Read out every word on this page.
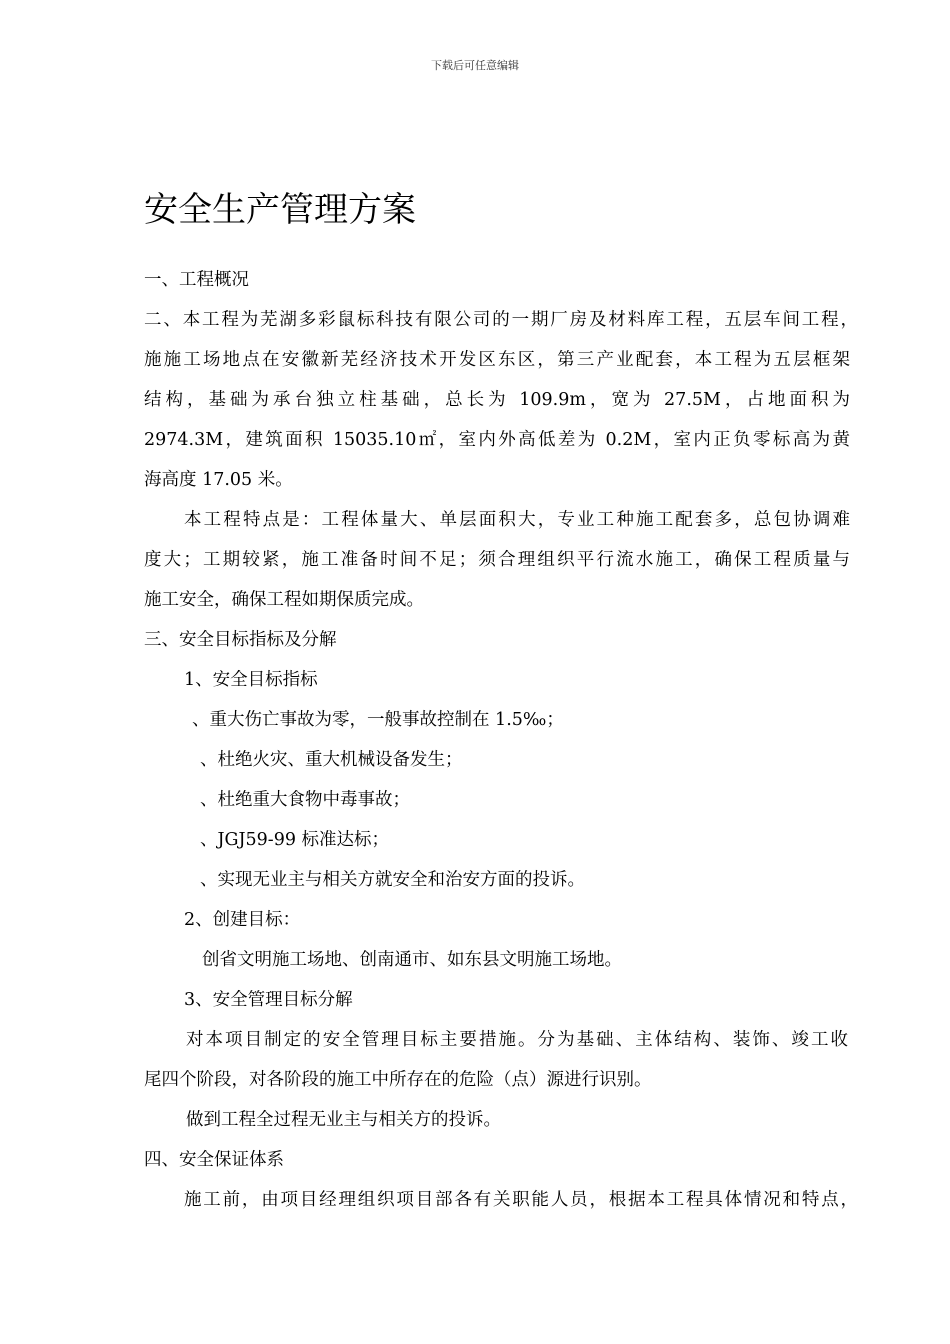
下载后可任意编辑
安全生产管理方案
一、工程概况
二、本工程为芜湖多彩鼠标科技有限公司的一期厂房及材料库工程，五层车间工程，
施施工场地点在安徽新芜经济技术开发区东区，第三产业配套，本工程为五层框架
结构，基础为承台独立柱基础，总长为 109.9m，宽为 27.5M，占地面积为
2974.3M，建筑面积 15035.10㎡，室内外高低差为 0.2M，室内正负零标高为黄
海高度 17.05 米。
本工程特点是：工程体量大、单层面积大，专业工种施工配套多，总包协调难
度大；工期较紧，施工准备时间不足；须合理组织平行流水施工，确保工程质量与
施工安全，确保工程如期保质完成。
三、安全目标指标及分解
1、安全目标指标
、重大伤亡事故为零，一般事故控制在 1.5‰；
、杜绝火灾、重大机械设备发生；
、杜绝重大食物中毒事故；
、JGJ59-99 标准达标；
、实现无业主与相关方就安全和治安方面的投诉。
2、创建目标：
创省文明施工场地、创南通市、如东县文明施工场地。
3、安全管理目标分解
对本项目制定的安全管理目标主要措施。分为基础、主体结构、装饰、竣工收
尾四个阶段，对各阶段的施工中所存在的危险（点）源进行识别。
做到工程全过程无业主与相关方的投诉。
四、安全保证体系
施工前，由项目经理组织项目部各有关职能人员，根据本工程具体情况和特点，
